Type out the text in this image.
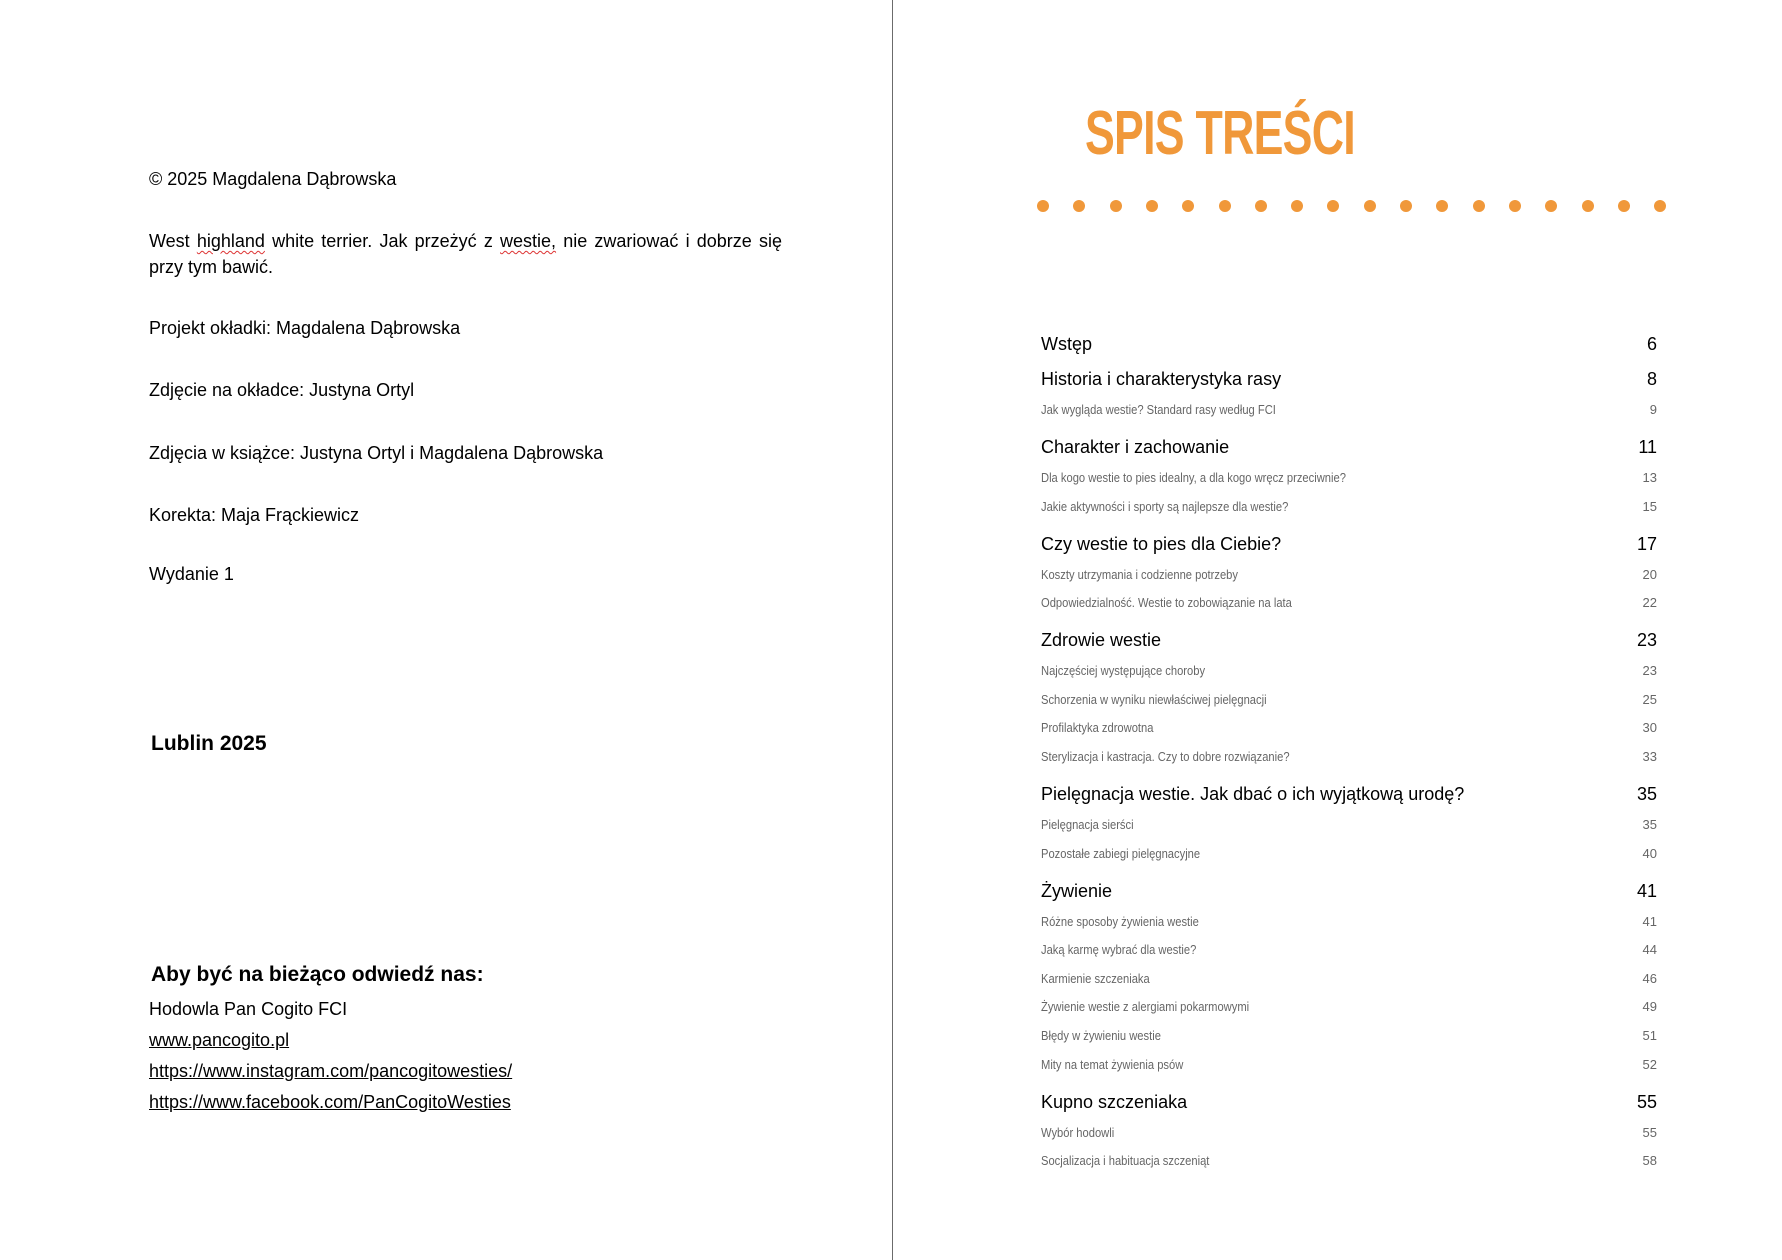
© 2025 Magdalena Dąbrowska
West highland white terrier. Jak przeżyć z westie, nie zwariować i dobrze się przy tym bawić.
Projekt okładki: Magdalena Dąbrowska
Zdjęcie na okładce: Justyna Ortyl
Zdjęcia w książce: Justyna Ortyl i Magdalena Dąbrowska
Korekta: Maja Frąckiewicz
Wydanie 1
Lublin 2025
Aby być na bieżąco odwiedź nas:
Hodowla Pan Cogito FCI
www.pancogito.pl
https://www.instagram.com/pancogitowesties/
https://www.facebook.com/PanCogitoWesties
SPIS TREŚCI
Wstęp	6
Historia i charakterystyka rasy	8
Jak wygląda westie? Standard rasy według FCI	9
Charakter i zachowanie	11
Dla kogo westie to pies idealny, a dla kogo wręcz przeciwnie?	13
Jakie aktywności i sporty są najlepsze dla westie?	15
Czy westie to pies dla Ciebie?	17
Koszty utrzymania i codzienne potrzeby	20
Odpowiedzialność. Westie to zobowiązanie na lata	22
Zdrowie westie	23
Najczęściej występujące choroby	23
Schorzenia w wyniku niewłaściwej pielęgnacji	25
Profilaktyka zdrowotna	30
Sterylizacja i kastracja. Czy to dobre rozwiązanie?	33
Pielęgnacja westie. Jak dbać o ich wyjątkową urodę?	35
Pielęgnacja sierści	35
Pozostałe zabiegi pielęgnacyjne	40
Żywienie	41
Różne sposoby żywienia westie	41
Jaką karmę wybrać dla westie?	44
Karmienie szczeniaka	46
Żywienie westie z alergiami pokarmowymi	49
Błędy w żywieniu westie	51
Mity na temat żywienia psów	52
Kupno szczeniaka	55
Wybór hodowli	55
Socjalizacja i habituacja szczeniąt	58
